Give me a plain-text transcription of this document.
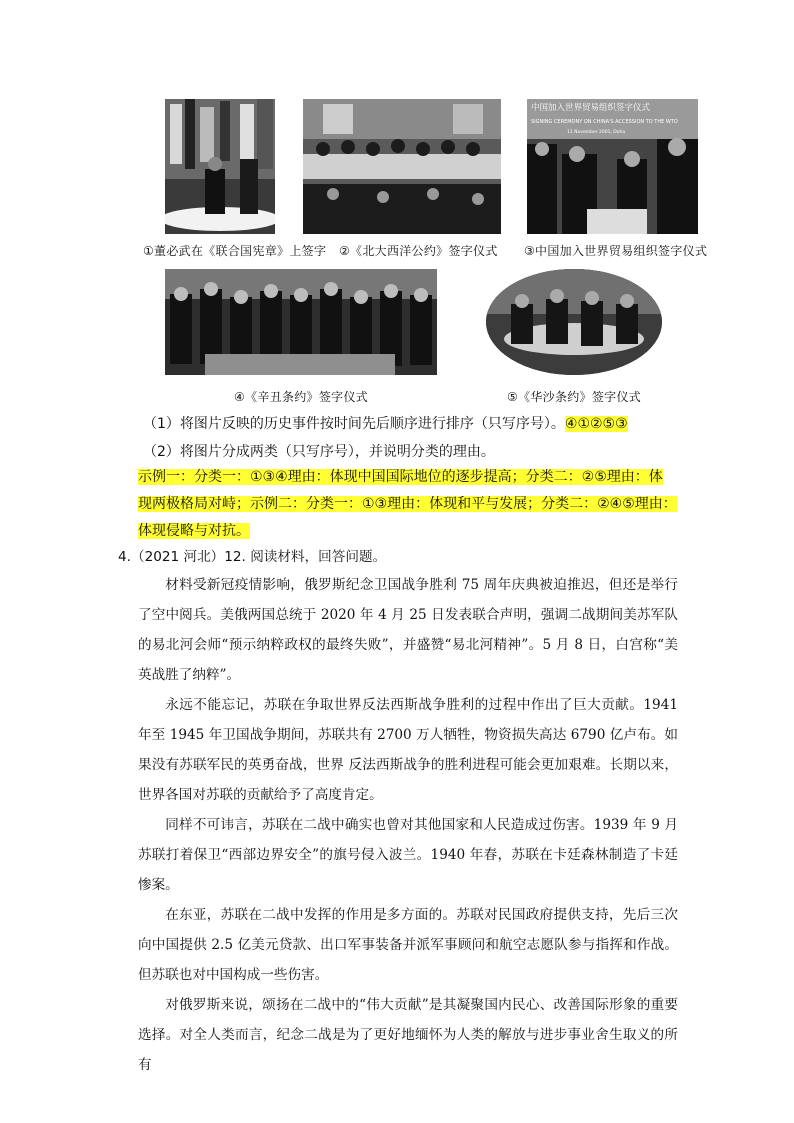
①董必武在《联合国宪章》上签字 ②《北大西洋公约》签字仪式
中国加入世界贸易组织签字仪式
SIGNING CEREMONY ON CHINA'S ACCESSION TO THE WTO
11 November 2001, Doha
③中国加入世界贸易组织签字仪式
④《辛丑条约》签字仪式	⑤《华沙条约》签字仪式
（1）将图片反映的历史事件按时间先后顺序进行排序（只写序号）。④①②⑤③
（2）将图片分成两类（只写序号），并说明分类的理由。
示例一：分类一：①③④理由：体现中国国际地位的逐步提高；分类二：②⑤理由：体
现两极格局对峙；示例二：分类一：①③理由：体现和平与发展；分类二：②④⑤理由：
体现侵略与对抗。
4.（2021 河北）12. 阅读材料，回答问题。

材料受新冠疫情影响，俄罗斯纪念卫国战争胜利 75 周年庆典被迫推迟，但还是举行了空中阅兵。美俄两国总统于 2020 年 4 月 25 日发表联合声明，强调二战期间美苏军队的易北河会师“预示纳粹政权的最终失败”，并盛赞“易北河精神”。5 月 8 日，白宫称“美英战胜了纳粹”。

永远不能忘记，苏联在争取世界反法西斯战争胜利的过程中作出了巨大贡献。1941 年至 1945 年卫国战争期间，苏联共有 2700 万人牺牲，物资损失高达 6790 亿卢布。如果没有苏联军民的英勇奋战，世界 反法西斯战争的胜利进程可能会更加艰难。长期以来，世界各国对苏联的贡献给予了高度肯定。

同样不可讳言，苏联在二战中确实也曾对其他国家和人民造成过伤害。1939 年 9 月苏联打着保卫“西部边界安全”的旗号侵入波兰。1940 年春，苏联在卡廷森林制造了卡廷惨案。

在东亚，苏联在二战中发挥的作用是多方面的。苏联对民国政府提供支持，先后三次向中国提供 2.5 亿美元贷款、出口军事装备并派军事顾问和航空志愿队参与指挥和作战。但苏联也对中国构成一些伤害。

对俄罗斯来说，颂扬在二战中的“伟大贡献”是其凝聚国内民心、改善国际形象的重要选择。对全人类而言，纪念二战是为了更好地缅怀为人类的解放与进步事业舍生取义的所有
